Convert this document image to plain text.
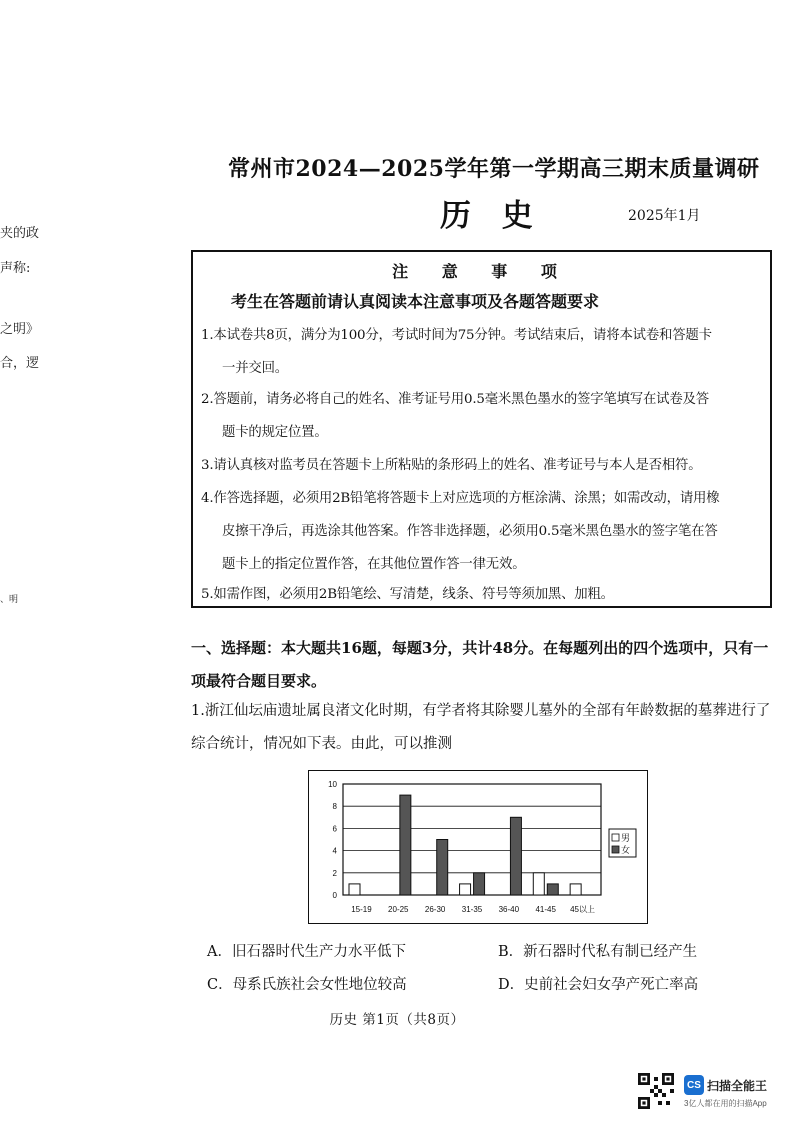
夹的政
声称:
之明》
合，逻
、明
常州市2024—2025学年第一学期高三期末质量调研
历 史	2025年1月
注 意 事 项
考生在答题前请认真阅读本注意事项及各题答题要求
1.本试卷共8页，满分为100分，考试时间为75分钟。考试结束后，请将本试卷和答题卡
一并交回。
2.答题前，请务必将自己的姓名、准考证号用0.5毫米黑色墨水的签字笔填写在试卷及答
题卡的规定位置。
3.请认真核对监考员在答题卡上所粘贴的条形码上的姓名、准考证号与本人是否相符。
4.作答选择题，必须用2B铅笔将答题卡上对应选项的方框涂满、涂黑；如需改动，请用橡
皮擦干净后，再选涂其他答案。作答非选择题，必须用0.5毫米黑色墨水的签字笔在答
题卡上的指定位置作答，在其他位置作答一律无效。
5.如需作图，必须用2B铅笔绘、写清楚，线条、符号等须加黑、加粗。
一、选择题：本大题共16题，每题3分，共计48分。在每题列出的四个选项中，只有一项最符合题目要求。
1.浙江仙坛庙遗址属良渚文化时期，有学者将其除婴儿墓外的全部有年龄数据的墓葬进行了综合统计，情况如下表。由此，可以推测
0
2
4
6
8
10
15-19 20-25 26-30 31-35 36-40 41-45 45以上
男
女
A．旧石器时代生产力水平低下	B．新石器时代私有制已经产生
C．母系氏族社会女性地位较高	D．史前社会妇女孕产死亡率高
历史 第1页（共8页）
CS 扫描全能王
3亿人都在用的扫描App
